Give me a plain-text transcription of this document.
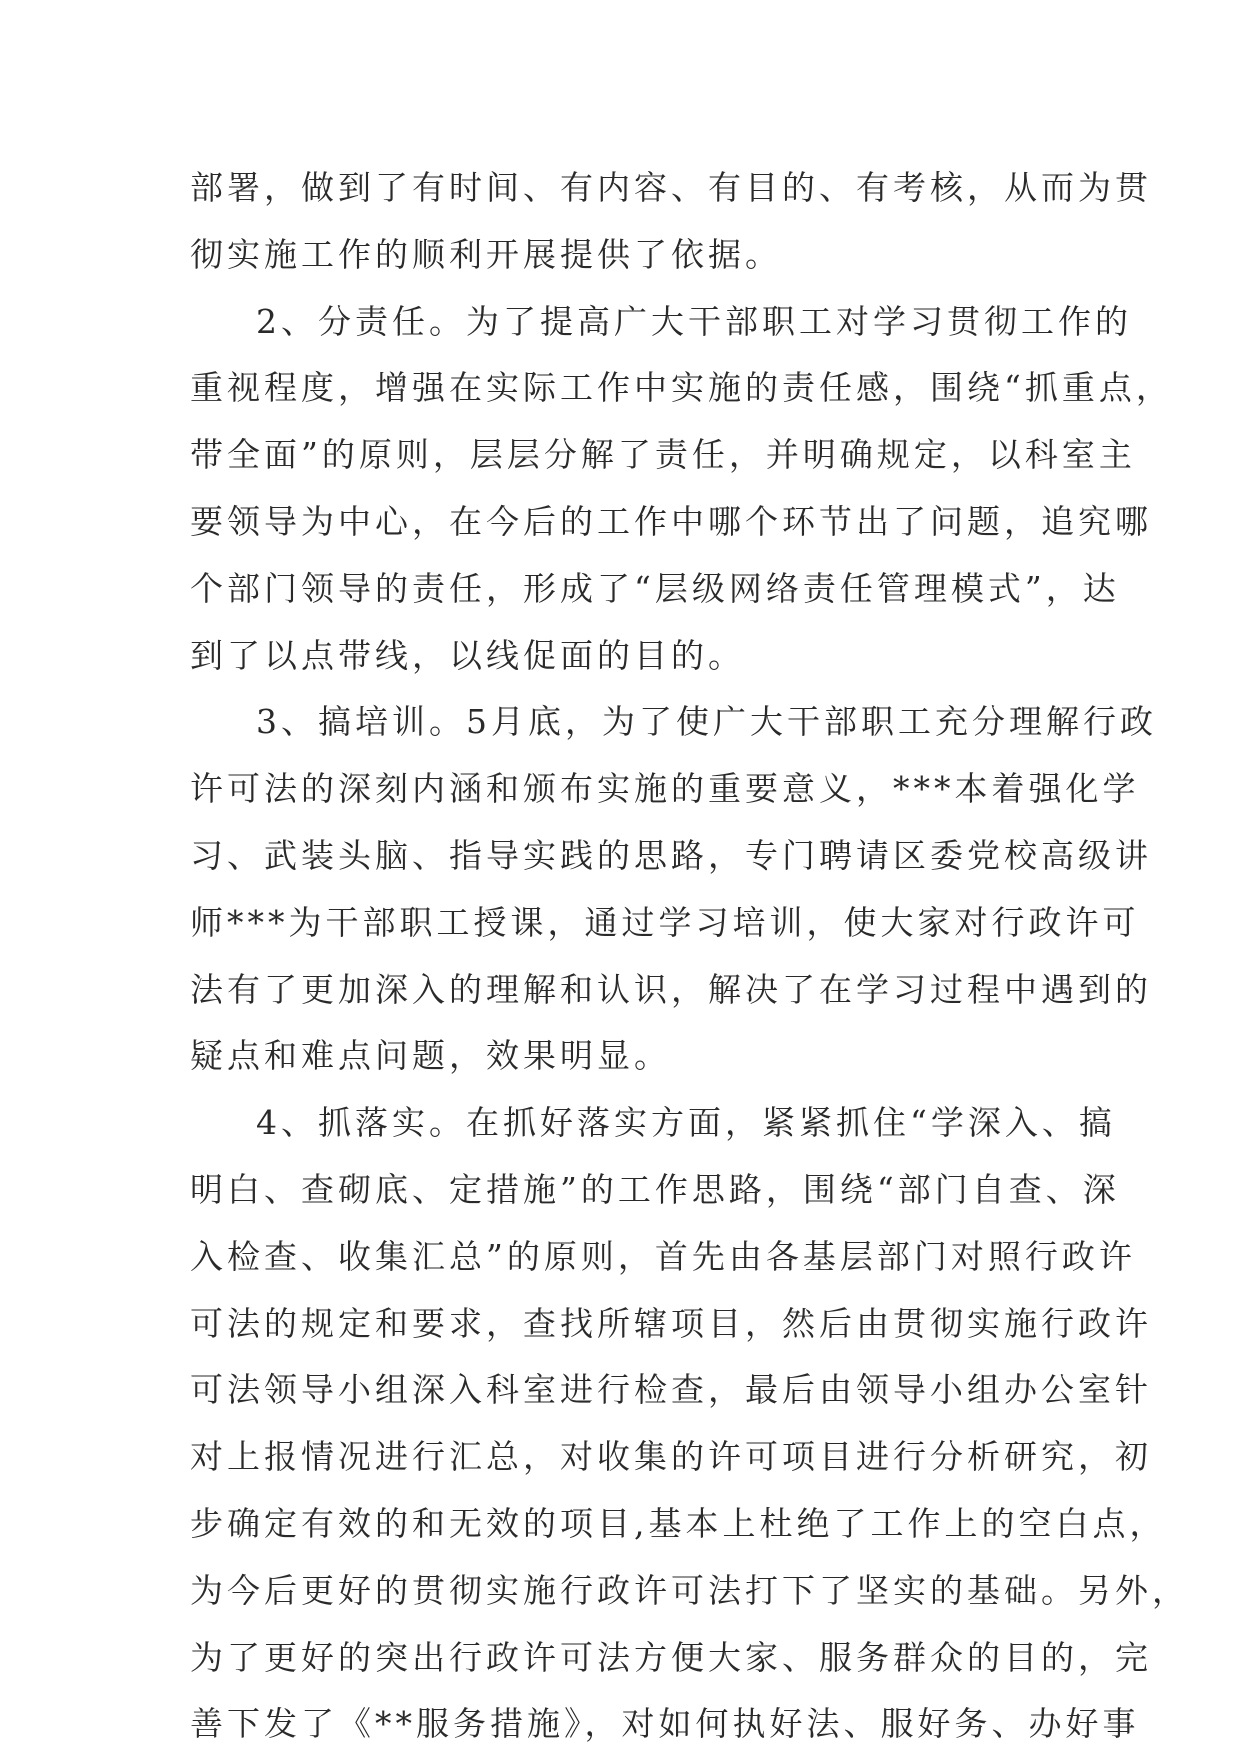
部署，做到了有时间、有内容、有目的、有考核，从而为贯
彻实施工作的顺利开展提供了依据。
2、分责任。为了提高广大干部职工对学习贯彻工作的
重视程度，增强在实际工作中实施的责任感，围绕“抓重点，
带全面”的原则，层层分解了责任，并明确规定，以科室主
要领导为中心，在今后的工作中哪个环节出了问题，追究哪
个部门领导的责任，形成了“层级网络责任管理模式”，达
到了以点带线，以线促面的目的。
3、搞培训。5月底，为了使广大干部职工充分理解行政
许可法的深刻内涵和颁布实施的重要意义，***本着强化学
习、武装头脑、指导实践的思路，专门聘请区委党校高级讲
师***为干部职工授课，通过学习培训，使大家对行政许可
法有了更加深入的理解和认识，解决了在学习过程中遇到的
疑点和难点问题，效果明显。
4、抓落实。在抓好落实方面，紧紧抓住“学深入、搞
明白、查砌底、定措施”的工作思路，围绕“部门自查、深
入检查、收集汇总”的原则，首先由各基层部门对照行政许
可法的规定和要求，查找所辖项目，然后由贯彻实施行政许
可法领导小组深入科室进行检查，最后由领导小组办公室针
对上报情况进行汇总，对收集的许可项目进行分析研究，初
步确定有效的和无效的项目,基本上杜绝了工作上的空白点，
为今后更好的贯彻实施行政许可法打下了坚实的基础。另外，
为了更好的突出行政许可法方便大家、服务群众的目的，完
善下发了《**服务措施》，对如何执好法、服好务、办好事
